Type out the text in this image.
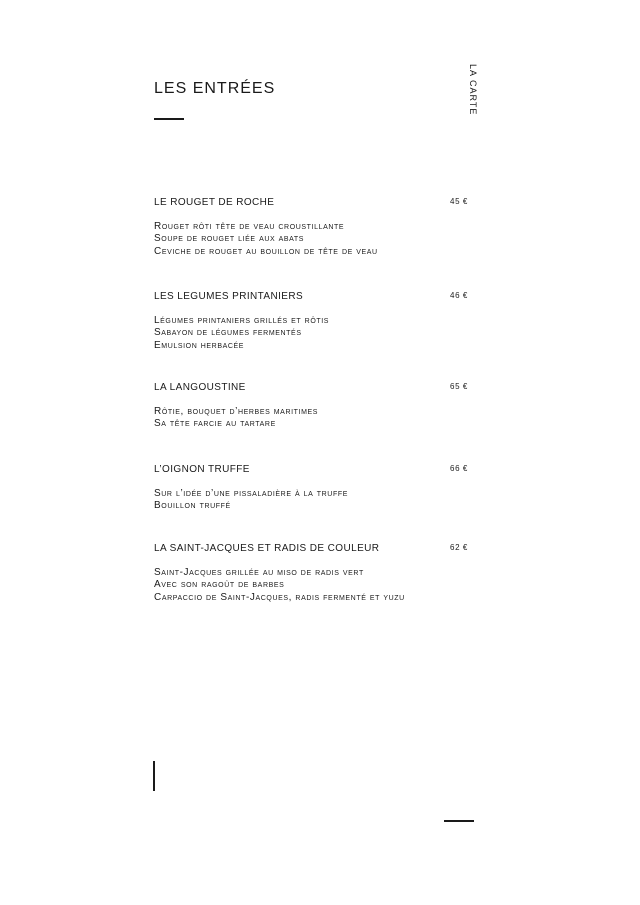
LES ENTRÉES	LA CARTE
LE ROUGET DE ROCHE	45 €
Rouget rôti tête de veau croustillante
Soupe de rouget liée aux abats
Ceviche de rouget au bouillon de tête de veau
LES LEGUMES PRINTANIERS	46 €
Légumes printaniers grillés et rôtis
Sabayon de légumes fermentés
Emulsion herbacée
LA LANGOUSTINE	65 €
Rôtie, bouquet d’herbes maritimes
Sa tête farcie au tartare
L’OIGNON TRUFFE	66 €
Sur l’idée d’une pissaladière à la truffe
Bouillon truffé
LA SAINT-JACQUES ET RADIS DE COULEUR	62 €
Saint-Jacques grillée au miso de radis vert
Avec son ragoût de barbes
Carpaccio de Saint-Jacques, radis fermenté et yuzu
